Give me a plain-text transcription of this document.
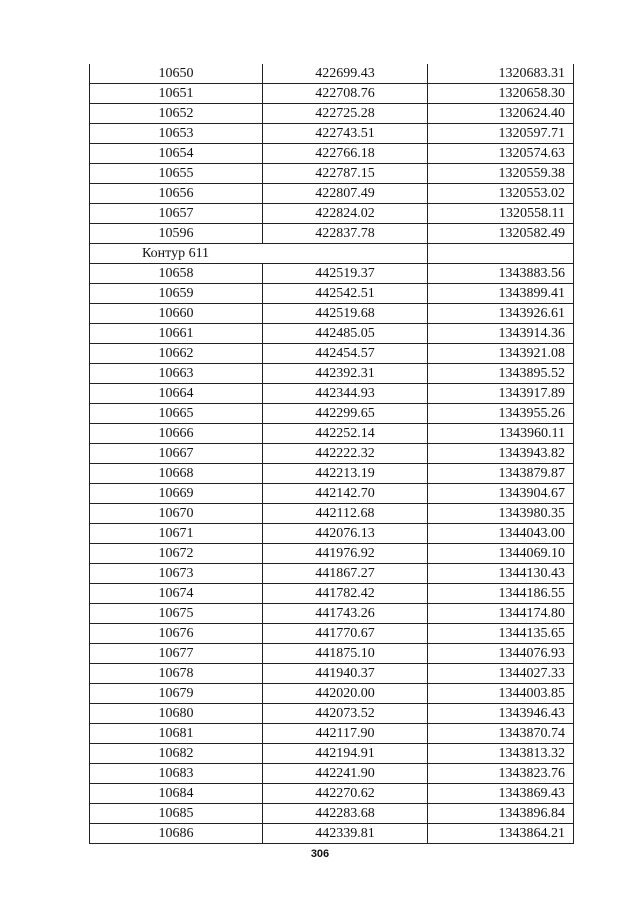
10650	422699.43	1320683.31
10651	422708.76	1320658.30
10652	422725.28	1320624.40
10653	422743.51	1320597.71
10654	422766.18	1320574.63
10655	422787.15	1320559.38
10656	422807.49	1320553.02
10657	422824.02	1320558.11
10596	422837.78	1320582.49
Контур 611		
10658	442519.37	1343883.56
10659	442542.51	1343899.41
10660	442519.68	1343926.61
10661	442485.05	1343914.36
10662	442454.57	1343921.08
10663	442392.31	1343895.52
10664	442344.93	1343917.89
10665	442299.65	1343955.26
10666	442252.14	1343960.11
10667	442222.32	1343943.82
10668	442213.19	1343879.87
10669	442142.70	1343904.67
10670	442112.68	1343980.35
10671	442076.13	1344043.00
10672	441976.92	1344069.10
10673	441867.27	1344130.43
10674	441782.42	1344186.55
10675	441743.26	1344174.80
10676	441770.67	1344135.65
10677	441875.10	1344076.93
10678	441940.37	1344027.33
10679	442020.00	1344003.85
10680	442073.52	1343946.43
10681	442117.90	1343870.74
10682	442194.91	1343813.32
10683	442241.90	1343823.76
10684	442270.62	1343869.43
10685	442283.68	1343896.84
10686	442339.81	1343864.21
306
